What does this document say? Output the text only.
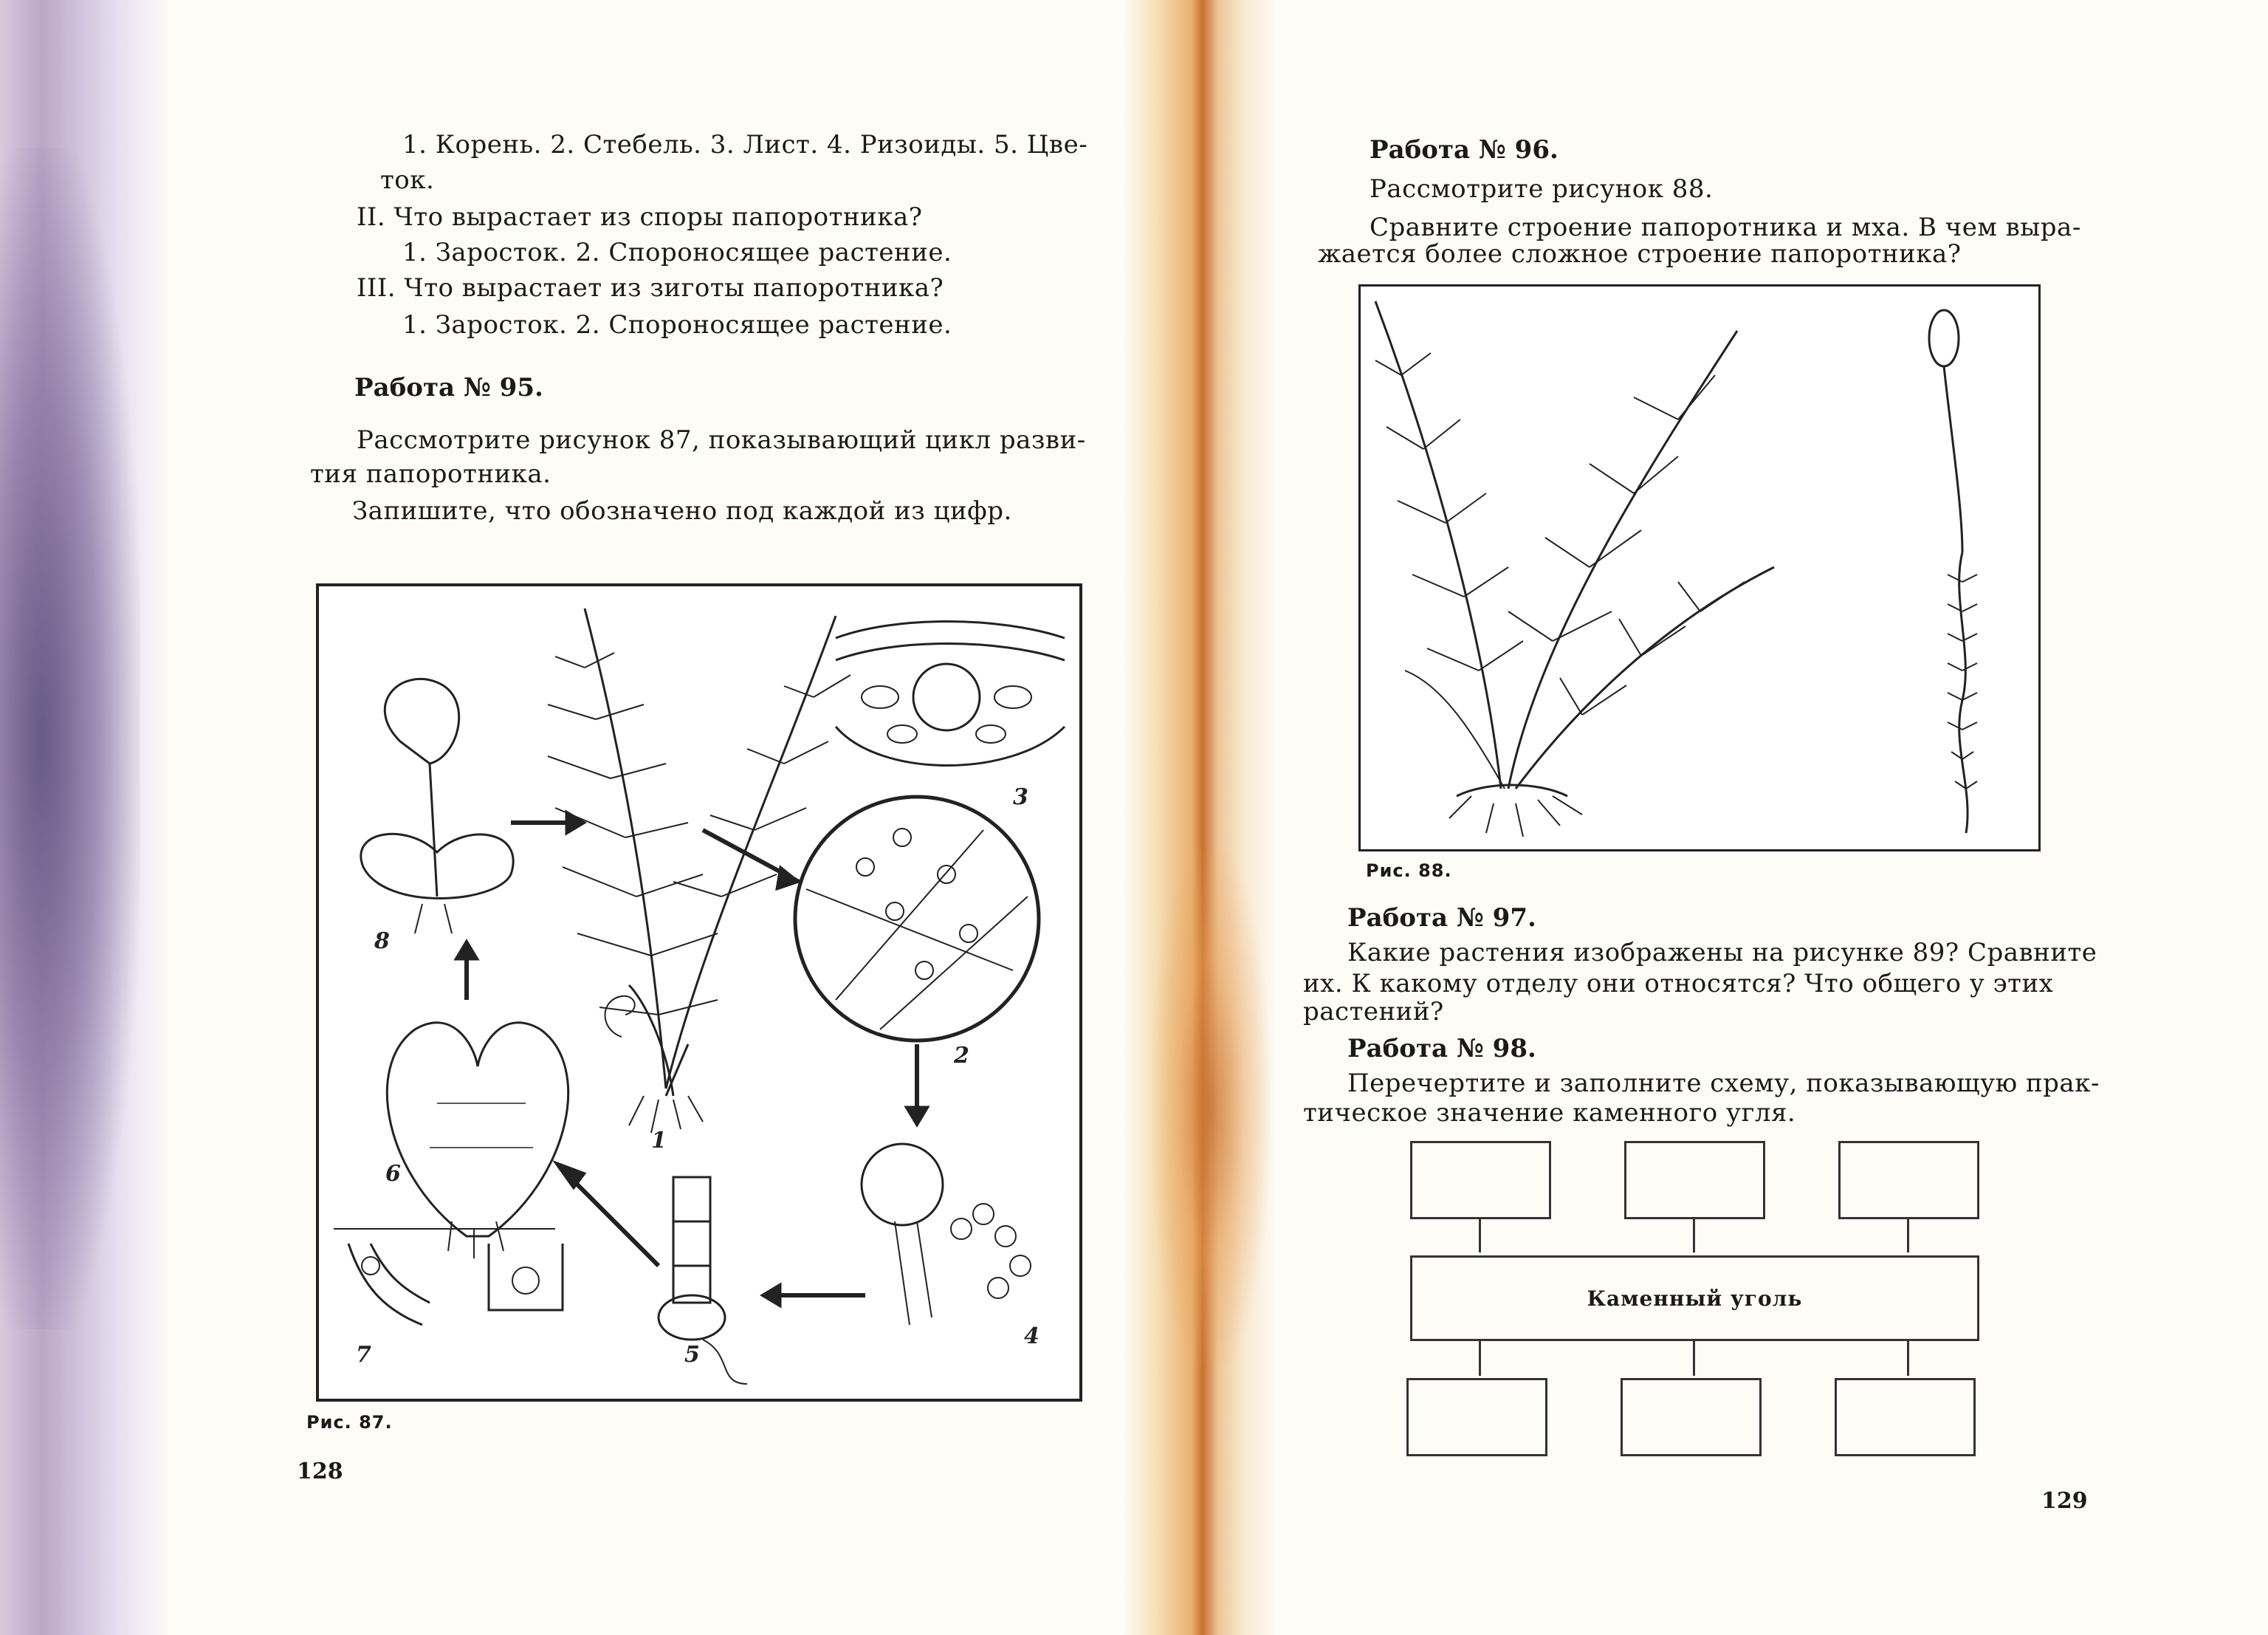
1. Корень. 2. Стебель. 3. Лист. 4. Ризоиды. 5. Цве-
ток.
II. Что вырастает из споры папоротника?
1. Заросток. 2. Спороносящее растение.
III. Что вырастает из зиготы папоротника?
1. Заросток. 2. Спороносящее растение.
Работа № 95.
Рассмотрите рисунок 87, показывающий цикл разви-
тия папоротника.
Запишите, что обозначено под каждой из цифр.
1
2
3
4
5
6
7
8
Рис. 87.
128
Работа № 96.
Рассмотрите рисунок 88.
Сравните строение папоротника и мха. В чем выра-
жается более сложное строение папоротника?
Рис. 88.
Работа № 97.
Какие растения изображены на рисунке 89? Сравните
их. К какому отделу они относятся? Что общего у этих
растений?
Работа № 98.
Перечертите и заполните схему, показывающую прак-
тическое значение каменного угля.
Каменный уголь
129
